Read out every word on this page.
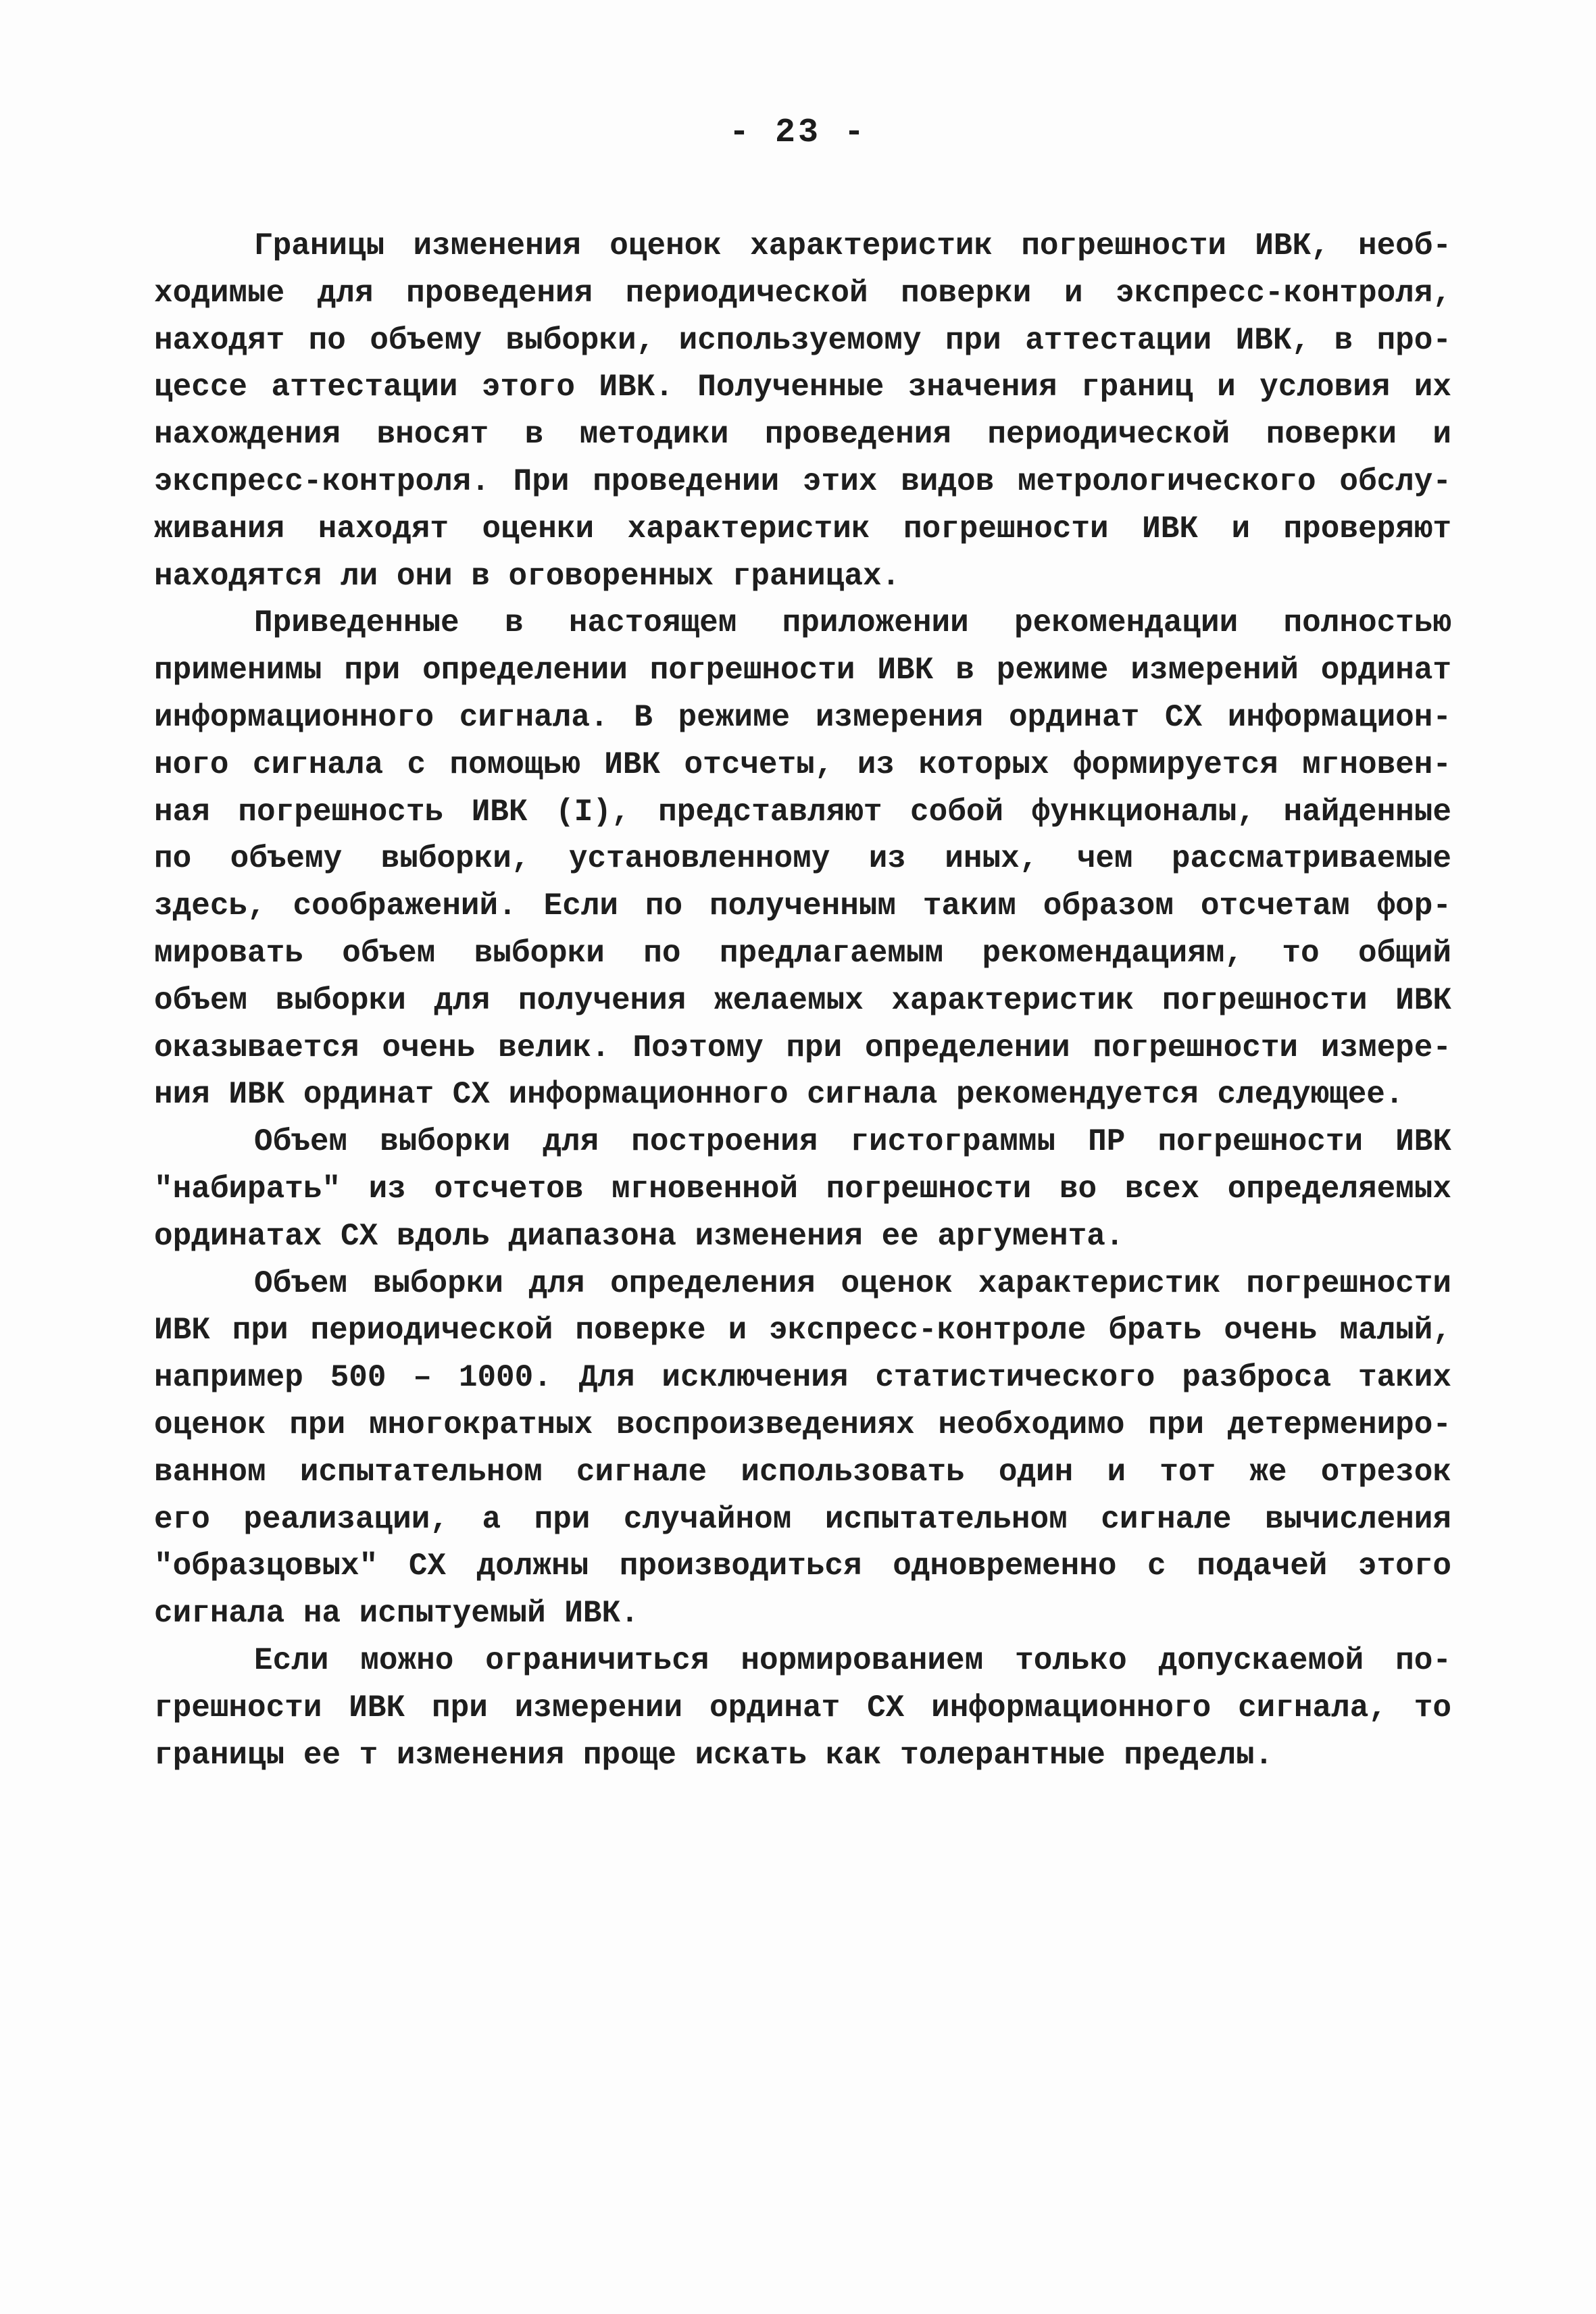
- 23 -
Границы изменения оценок характеристик погрешности ИВК, необ-
ходимые для проведения периодической поверки и экспресс-контроля,
находят по объему выборки, используемому при аттестации ИВК, в про-
цессе аттестации этого ИВК. Полученные значения границ и условия их
нахождения вносят в методики проведения периодической поверки и
экспресс-контроля. При проведении этих видов метрологического обслу-
живания находят оценки характеристик погрешности ИВК и проверяют
находятся ли они в оговоренных границах.
Приведенные в настоящем приложении рекомендации полностью
применимы при определении погрешности ИВК в режиме измерений ординат
информационного сигнала. В режиме измерения ординат СХ информацион-
ного сигнала с помощью ИВК отсчеты, из которых формируется мгновен-
ная погрешность ИВК (I), представляют собой функционалы, найденные
по объему выборки, установленному из иных, чем рассматриваемые
здесь, соображений. Если по полученным таким образом отсчетам фор-
мировать объем выборки по предлагаемым рекомендациям, то общий
объем выборки для получения желаемых характеристик погрешности ИВК
оказывается очень велик. Поэтому при определении погрешности измере-
ния ИВК ординат СХ информационного сигнала рекомендуется следующее.
Объем выборки для построения гистограммы ПР погрешности ИВК
"набирать" из отсчетов мгновенной погрешности во всех определяемых
ординатах СХ вдоль диапазона изменения ее аргумента.
Объем выборки для определения оценок характеристик погрешности
ИВК при периодической поверке и экспресс-контроле брать очень малый,
например 500 – 1000. Для исключения статистического разброса таких
оценок при многократных воспроизведениях необходимо при детермениро-
ванном испытательном сигнале использовать один и тот же отрезок
его реализации, а при случайном испытательном сигнале вычисления
"образцовых" СХ должны производиться одновременно с подачей этого
сигнала на испытуемый ИВК.
Если можно ограничиться нормированием только допускаемой по-
грешности ИВК при измерении ординат СХ информационного сигнала, то
границы ее т изменения проще искать как толерантные пределы.
